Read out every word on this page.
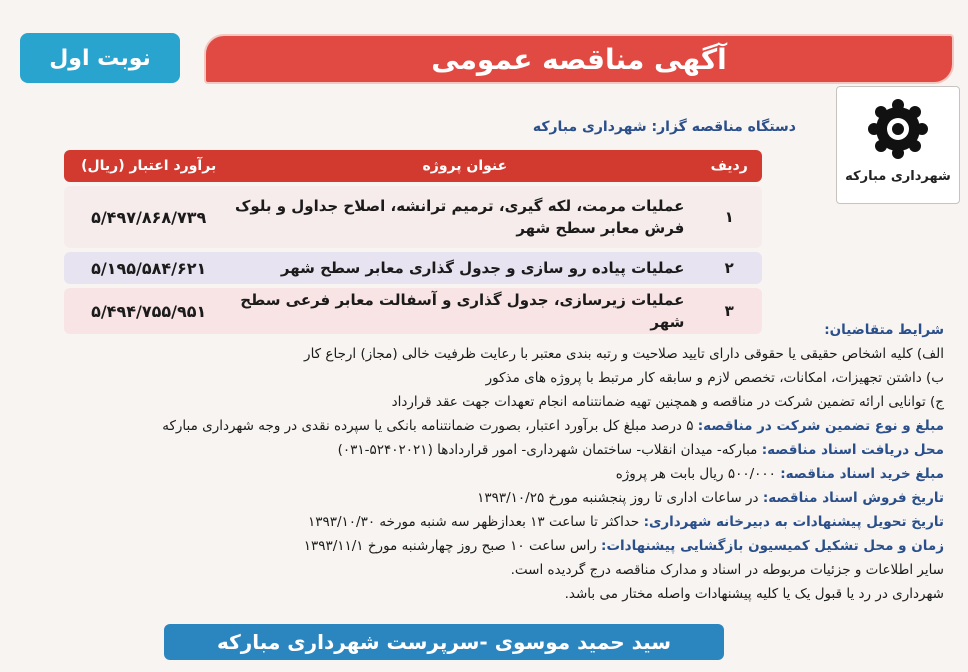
آگهی مناقصه عمومی
نوبت اول
شهرداری مبارکه
دستگاه مناقصه گزار: شهرداری مبارکه
ردیف	عنوان پروژه	برآورد اعتبار (ریال)
۱	عملیات مرمت، لکه گیری، ترمیم ترانشه، اصلاح جداول و بلوک فرش معابر سطح شهر	۵/۴۹۷/۸۶۸/۷۳۹
۲	عملیات پیاده رو سازی و جدول گذاری معابر سطح شهر	۵/۱۹۵/۵۸۴/۶۲۱
۳	عملیات زیرسازی، جدول گذاری و آسفالت معابر فرعی سطح شهر	۵/۴۹۴/۷۵۵/۹۵۱
شرایط متقاضیان:
الف) کلیه اشخاص حقیقی یا حقوقی دارای تایید صلاحیت و رتبه بندی معتبر با رعایت ظرفیت خالی (مجاز) ارجاع کار
ب) داشتن تجهیزات، امکانات، تخصص لازم و سابقه کار مرتبط با پروژه های مذکور
ج) توانایی ارائه تضمین شرکت در مناقصه و همچنین تهیه ضمانتنامه انجام تعهدات جهت عقد قرارداد
مبلغ و نوع تضمین شرکت در مناقصه: ۵ درصد مبلغ کل برآورد اعتبار، بصورت ضمانتنامه بانکی یا سپرده نقدی در وجه شهرداری مبارکه
محل دریافت اسناد مناقصه: مبارکه- میدان انقلاب- ساختمان شهرداری- امور قراردادها (۵۲۴۰۲۰۲۱-۰۳۱)
مبلغ خرید اسناد مناقصه: ۵۰۰/۰۰۰ ریال بابت هر پروژه
تاریخ فروش اسناد مناقصه: در ساعات اداری تا روز پنجشنبه مورخ ۱۳۹۳/۱۰/۲۵
تاریخ تحویل پیشنهادات به دبیرخانه شهرداری: حداکثر تا ساعت ۱۳ بعدازظهر سه شنبه مورخه ۱۳۹۳/۱۰/۳۰
زمان و محل تشکیل کمیسیون بازگشایی پیشنهادات: راس ساعت ۱۰ صبح روز چهارشنبه مورخ ۱۳۹۳/۱۱/۱
سایر اطلاعات و جزئیات مربوطه در اسناد و مدارک مناقصه درج گردیده است.
شهرداری در رد یا قبول یک یا کلیه پیشنهادات واصله مختار می باشد.
سید حمید موسوی -سرپرست شهرداری مبارکه
